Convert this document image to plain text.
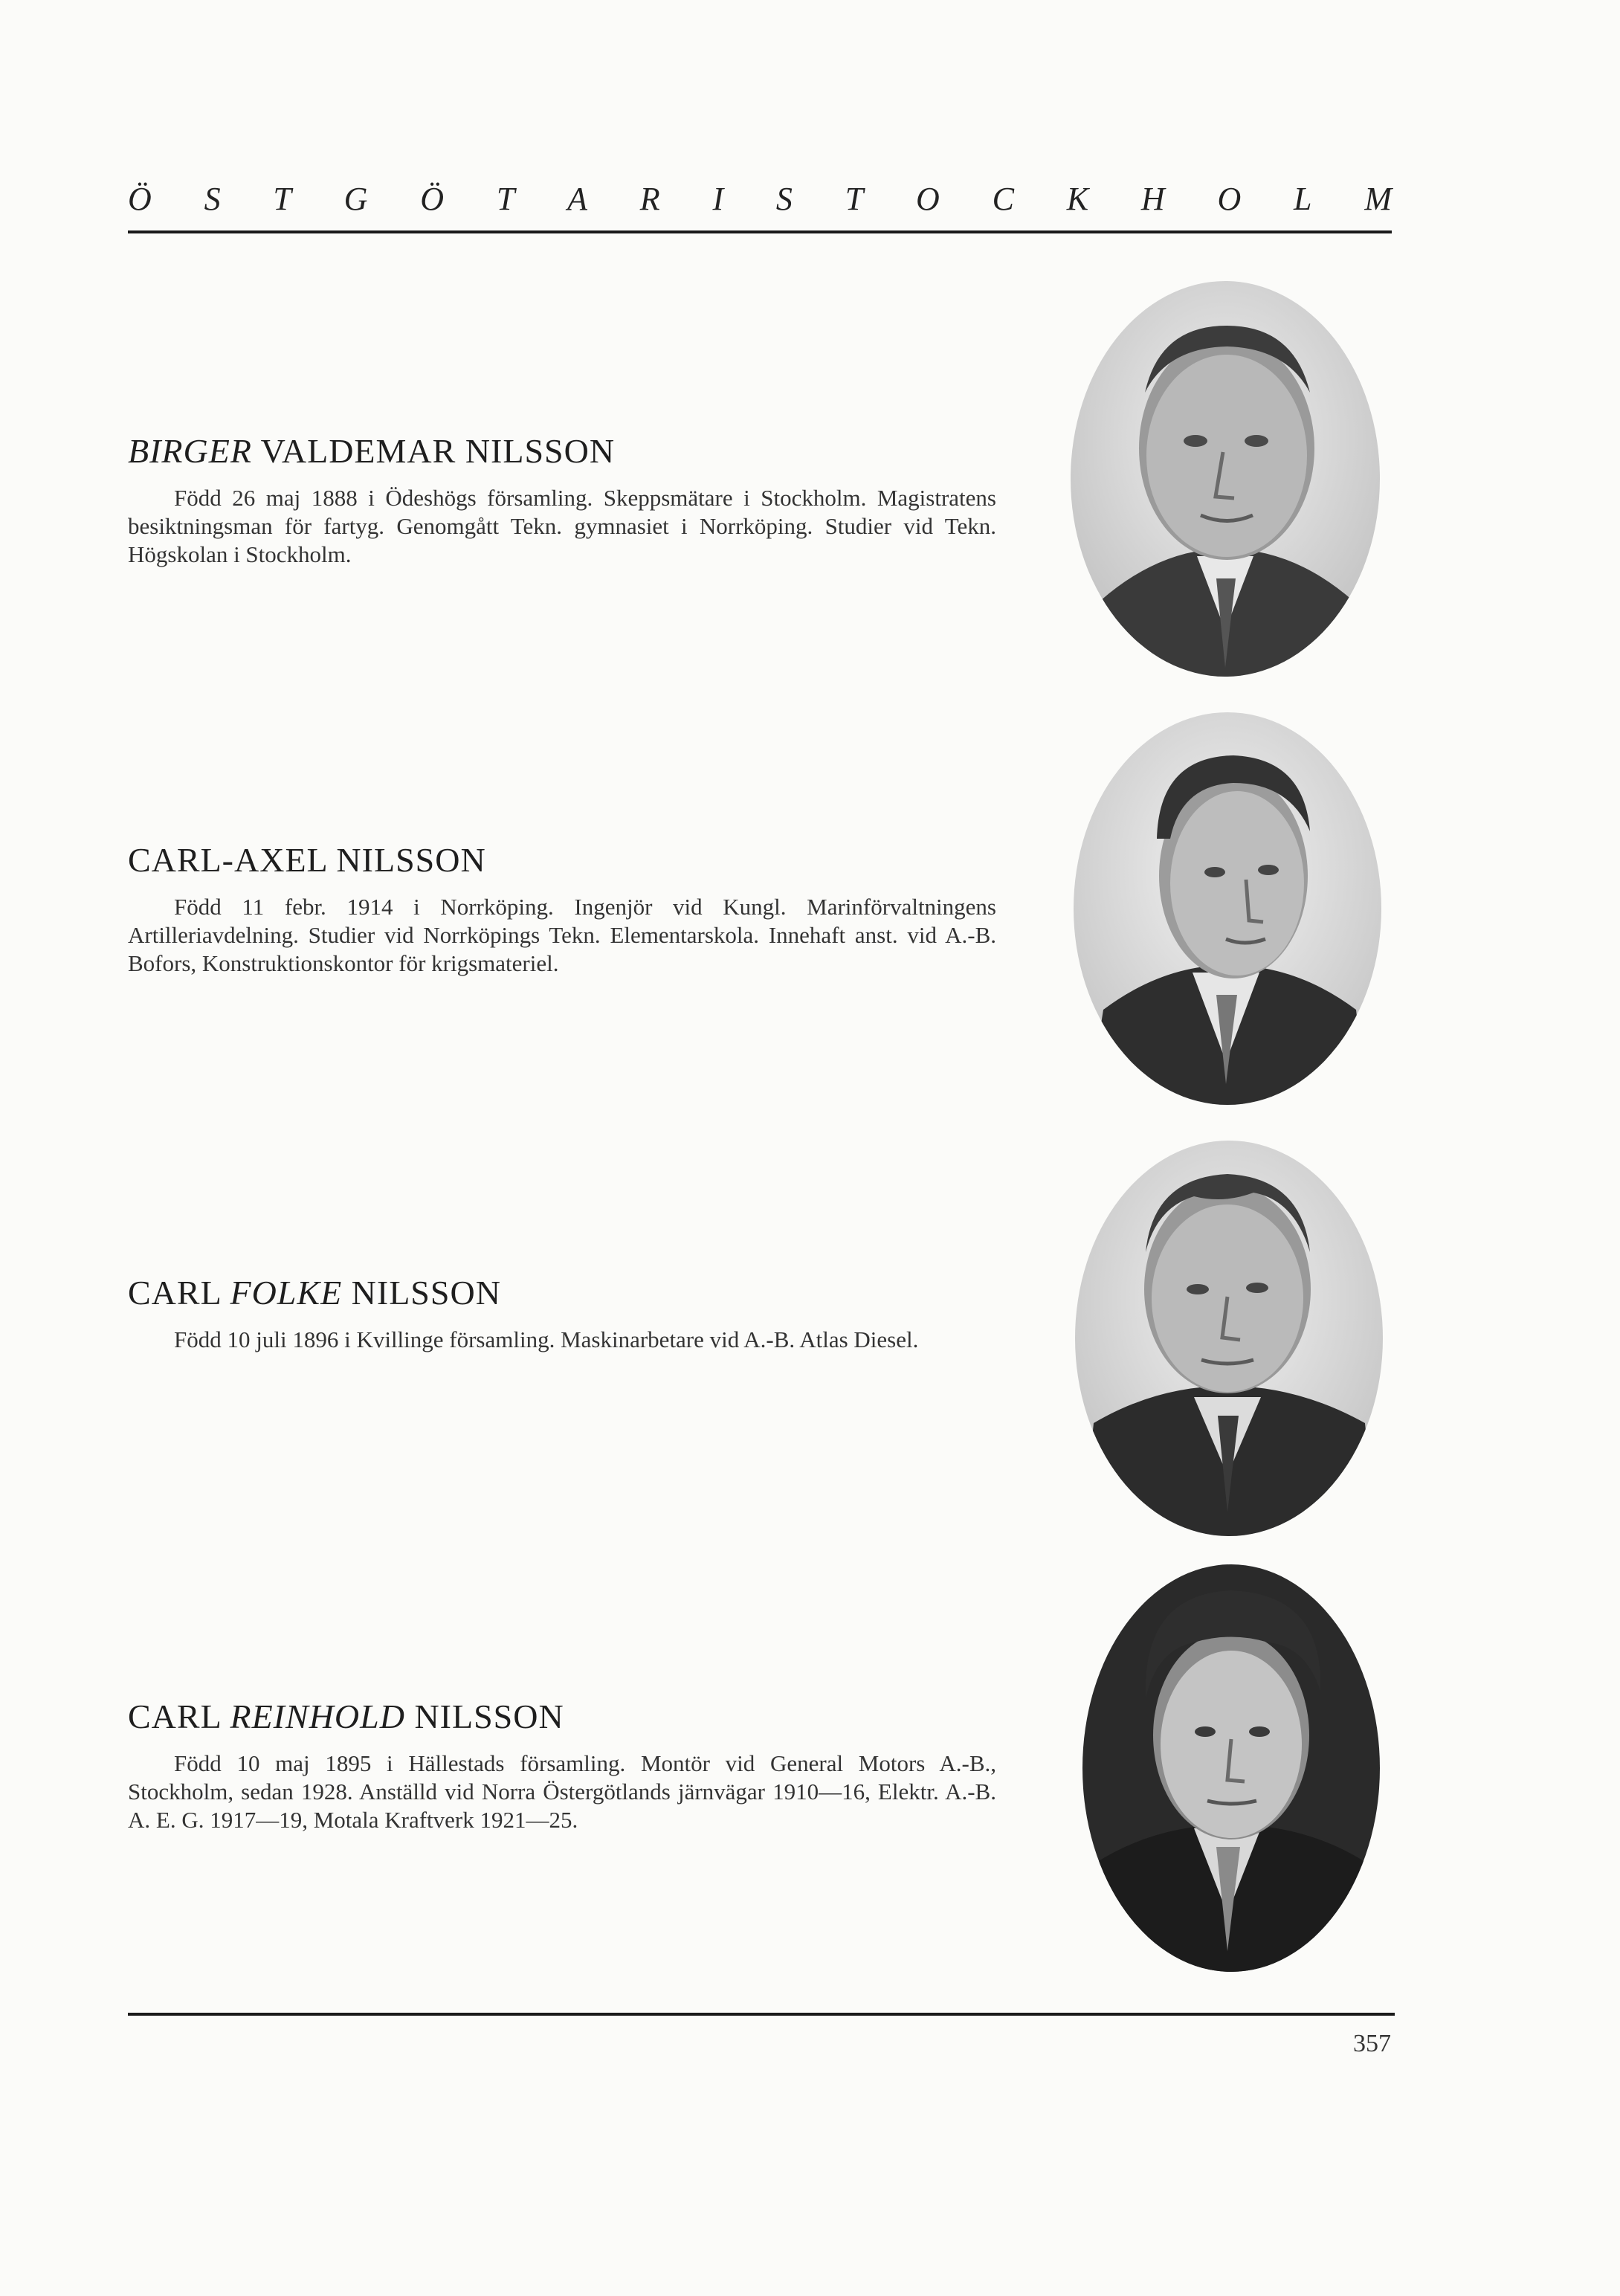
Ö S T G Ö T A R I S T O C K H O L M
BIRGER VALDEMAR NILSSON

Född 26 maj 1888 i Ödeshögs församling. Skeppsmätare i Stockholm. Magistratens besiktningsman för fartyg. Genomgått Tekn. gymnasiet i Norrköping. Studier vid Tekn. Högskolan i Stockholm.

CARL-AXEL NILSSON

Född 11 febr. 1914 i Norrköping. Ingenjör vid Kungl. Marinförvaltningens Artilleriavdelning. Studier vid Norrköpings Tekn. Elementarskola. Innehaft anst. vid A.-B. Bofors, Konstruktionskontor för krigsmateriel.

CARL FOLKE NILSSON

Född 10 juli 1896 i Kvillinge församling. Maskinarbetare vid A.-B. Atlas Diesel.

CARL REINHOLD NILSSON

Född 10 maj 1895 i Hällestads församling. Montör vid General Motors A.-B., Stockholm, sedan 1928. Anställd vid Norra Östergötlands järnvägar 1910—16, Elektr. A.-B. A. E. G. 1917—19, Motala Kraftverk 1921—25.

357
